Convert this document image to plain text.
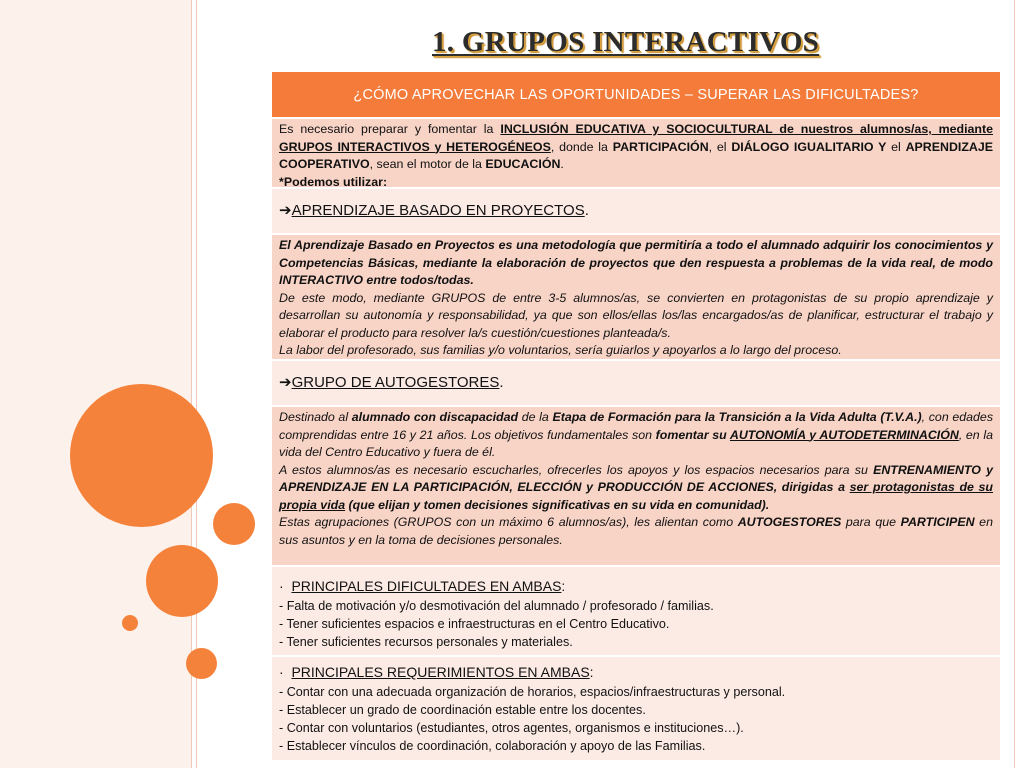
1. GRUPOS INTERACTIVOS
¿CÓMO APROVECHAR LAS OPORTUNIDADES – SUPERAR LAS DIFICULTADES?

Es necesario preparar y fomentar la INCLUSIÓN EDUCATIVA y SOCIOCULTURAL de nuestros alumnos/as, mediante GRUPOS INTERACTIVOS y HETEROGÉNEOS, donde la PARTICIPACIÓN, el DIÁLOGO IGUALITARIO Y el APRENDIZAJE COOPERATIVO, sean el motor de la EDUCACIÓN.

*Podemos utilizar:

➔ APRENDIZAJE BASADO EN PROYECTOS .

El Aprendizaje Basado en Proyectos es una metodología que permitiría a todo el alumnado adquirir los conocimientos y Competencias Básicas, mediante la elaboración de proyectos que den respuesta a problemas de la vida real, de modo INTERACTIVO entre todos/todas.

De este modo, mediante GRUPOS de entre 3-5 alumnos/as, se convierten en protagonistas de su propio aprendizaje y desarrollan su autonomía y responsabilidad, ya que son ellos/ellas los/las encargados/as de planificar, estructurar el trabajo y elaborar el producto para resolver la/s cuestión/cuestiones planteada/s.

La labor del profesorado, sus familias y/o voluntarios, sería guiarlos y apoyarlos a lo largo del proceso.

➔ GRUPO DE AUTOGESTORES .

Destinado al alumnado con discapacidad de la Etapa de Formación para la Transición a la Vida Adulta (T.V.A.), con edades comprendidas entre 16 y 21 años. Los objetivos fundamentales son fomentar su AUTONOMÍA y AUTODETERMINACIÓN, en la vida del Centro Educativo y fuera de él.

A estos alumnos/as es necesario escucharles, ofrecerles los apoyos y los espacios necesarios para su ENTRENAMIENTO y APRENDIZAJE EN LA PARTICIPACIÓN, ELECCIÓN y PRODUCCIÓN DE ACCIONES, dirigidas a ser protagonistas de su propia vida (que elijan y tomen decisiones significativas en su vida en comunidad).

Estas agrupaciones (GRUPOS con un máximo 6 alumnos/as), les alientan como AUTOGESTORES para que PARTICIPEN en sus asuntos y en la toma de decisiones personales.

· PRINCIPALES DIFICULTADES EN AMBAS:
- Falta de motivación y/o desmotivación del alumnado / profesorado / familias.
- Tener suficientes espacios e infraestructuras en el Centro Educativo.
- Tener suficientes recursos personales y materiales.
· PRINCIPALES REQUERIMIENTOS EN AMBAS:
- Contar con una adecuada organización de horarios, espacios/infraestructuras y personal.
- Establecer un grado de coordinación estable entre los docentes.
- Contar con voluntarios (estudiantes, otros agentes, organismos e instituciones…).
- Establecer vínculos de coordinación, colaboración y apoyo de las Familias.
